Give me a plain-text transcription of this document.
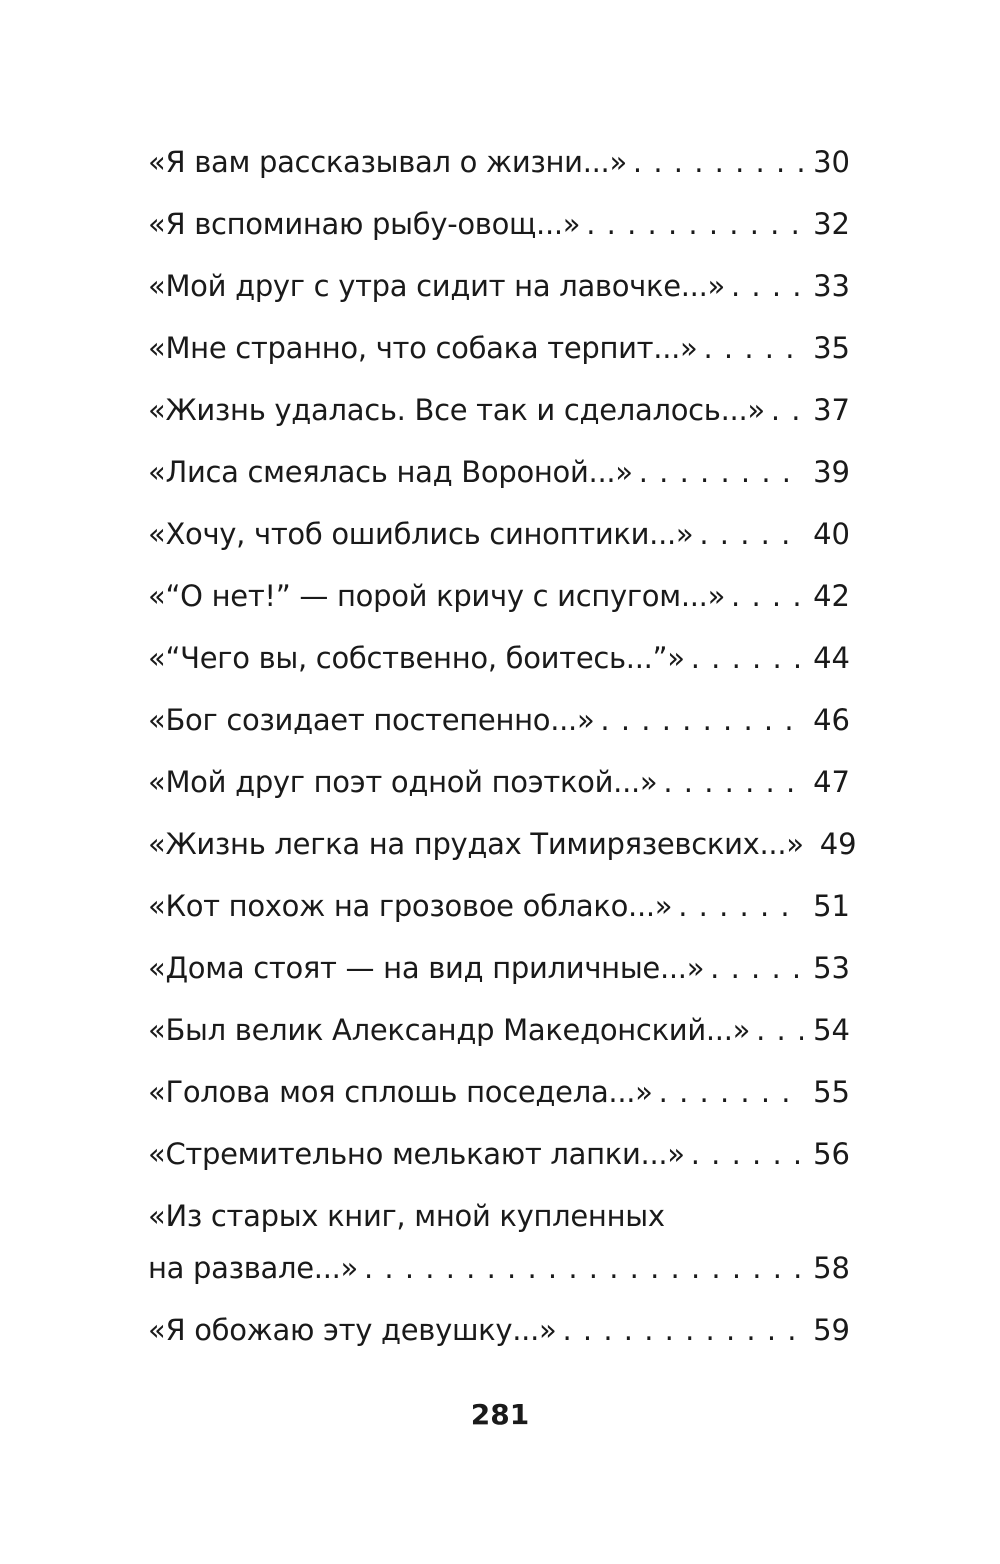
«Я вам рассказывал о жизни...» . . .	30
«Я вспоминаю рыбу-овощ...» . . .	32
«Мой друг с утра сидит на лавочке...» . . .	33
«Мне странно, что собака терпит...» . . .	35
«Жизнь удалась. Все так и сделалось...» . . . 37
«Лиса смеялась над Вороной...» . . .	39
«Хочу, чтоб ошиблись синоптики...» . . .	40
«“О нет!” — порой кричу с испугом...» . . .	42
«“Чего вы, собственно, боитесь...”» . . .	44
«Бог созидает постепенно...» . . .	46
«Мой друг поэт одной поэткой...» . . .	47
«Жизнь легка на прудах Тимирязевских...» 49
«Кот похож на грозовое облако...» . . .	51
«Дома стоят — на вид приличные...» . . .	53
«Был велик Александр Македонский...» . . . 54
«Голова моя сплошь поседела...» . . .	55
«Стремительно мелькают лапки...» . . .	56
«Из старых книг, мной купленных
на развале...» . . .	58
«Я обожаю эту девушку...» . . .	59
281
